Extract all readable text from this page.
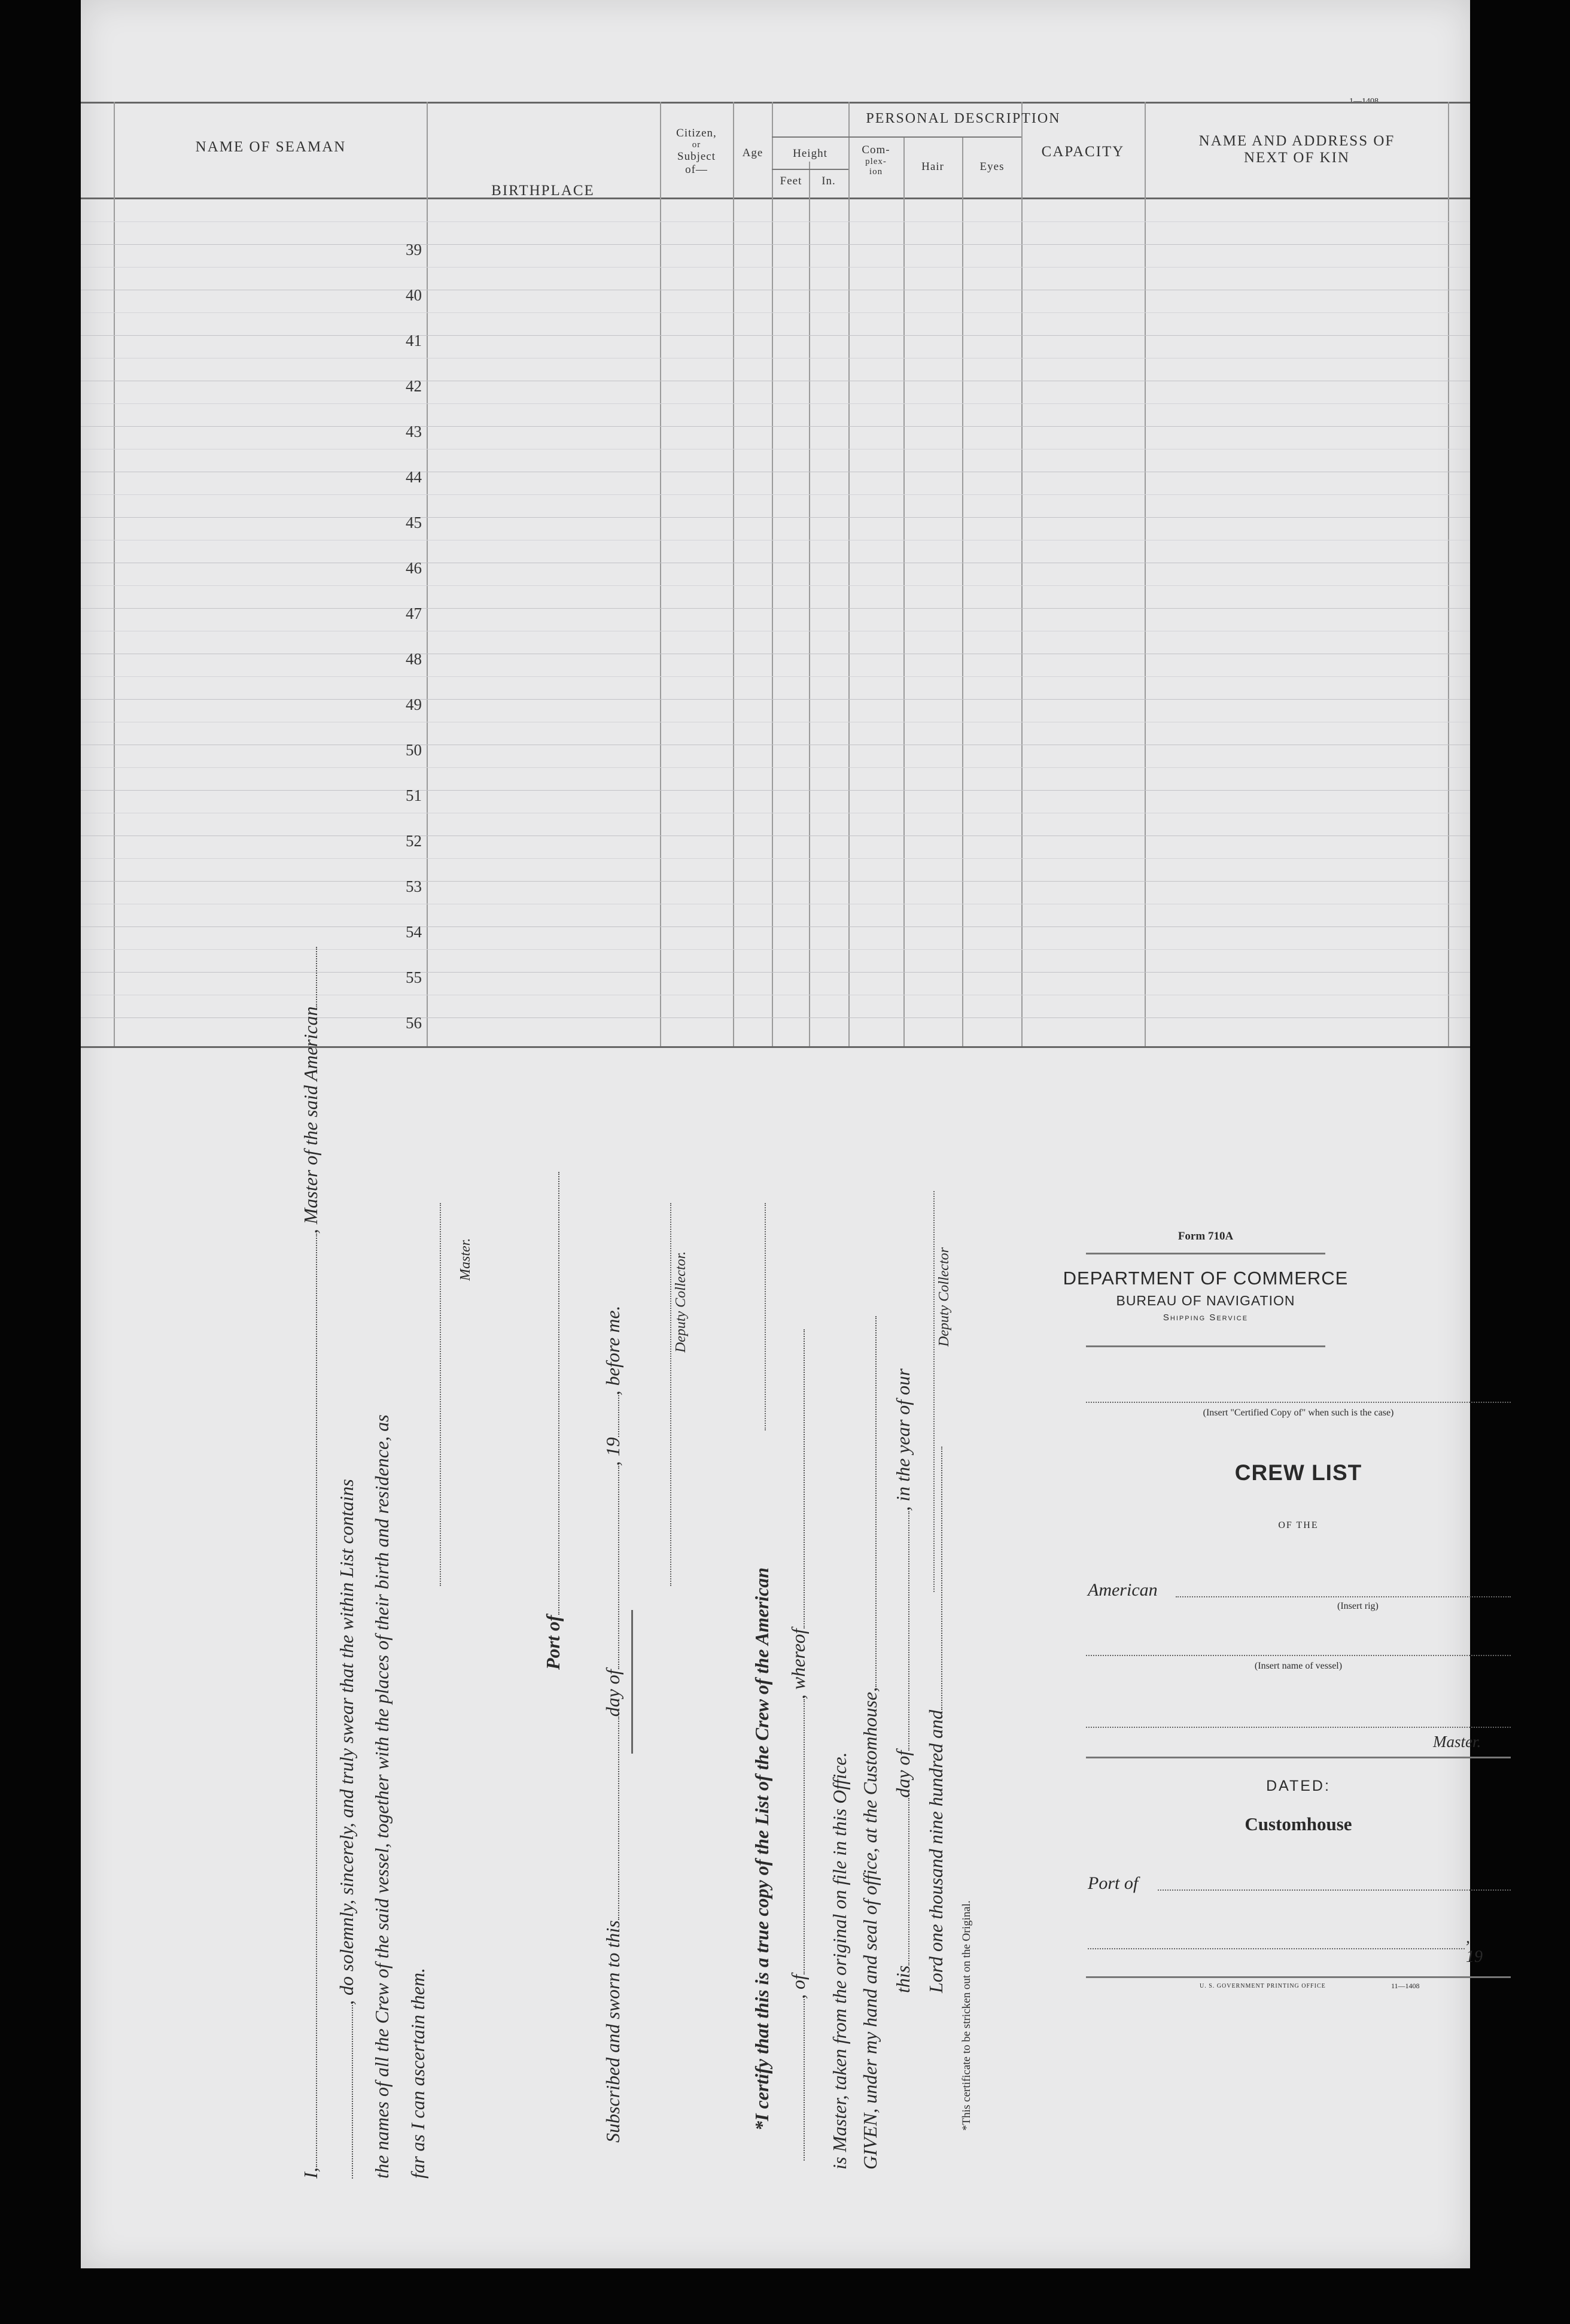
NAME OF SEAMAN
BIRTHPLACE
Citizen,
or
Subject
of—
Age
PERSONAL DESCRIPTION
Height
Feet	In.
Com-
plex-
ion	Hair	Eyes
CAPACITY
NAME AND ADDRESS OF
NEXT OF KIN
39
40
41
42
43
44
45
46
47
48
49
50
51
52
53
54
55
56
I,, Master of the said American
, do solemnly, sincerely, and truly swear that the within List contains the names of all the Crew of the said vessel, together with the places of their birth and residence, as far as I can ascertain them.
Master.
Port of
Subscribed and sworn to thisday of, 19, before me.	Deputy Collector.
*I certify that this is a true copy of the List of the Crew of the American , of, whereof
is Master, taken from the original on file in this Office. GIVEN, under my hand and seal of office, at the Customhouse, thisday of, in the year of our
Lord one thousand nine hundred and
Deputy Collector
*This certificate to be stricken out on the Original.
Form 710A
DEPARTMENT OF COMMERCE
BUREAU OF NAVIGATION
Shipping Service
(Insert "Certified Copy of" when such is the case)
CREW LIST
OF THE
American
(Insert rig)
(Insert name of vessel)
Master.
DATED:
Customhouse
Port of
, 19
U. S. GOVERNMENT PRINTING OFFICE	11—1408
